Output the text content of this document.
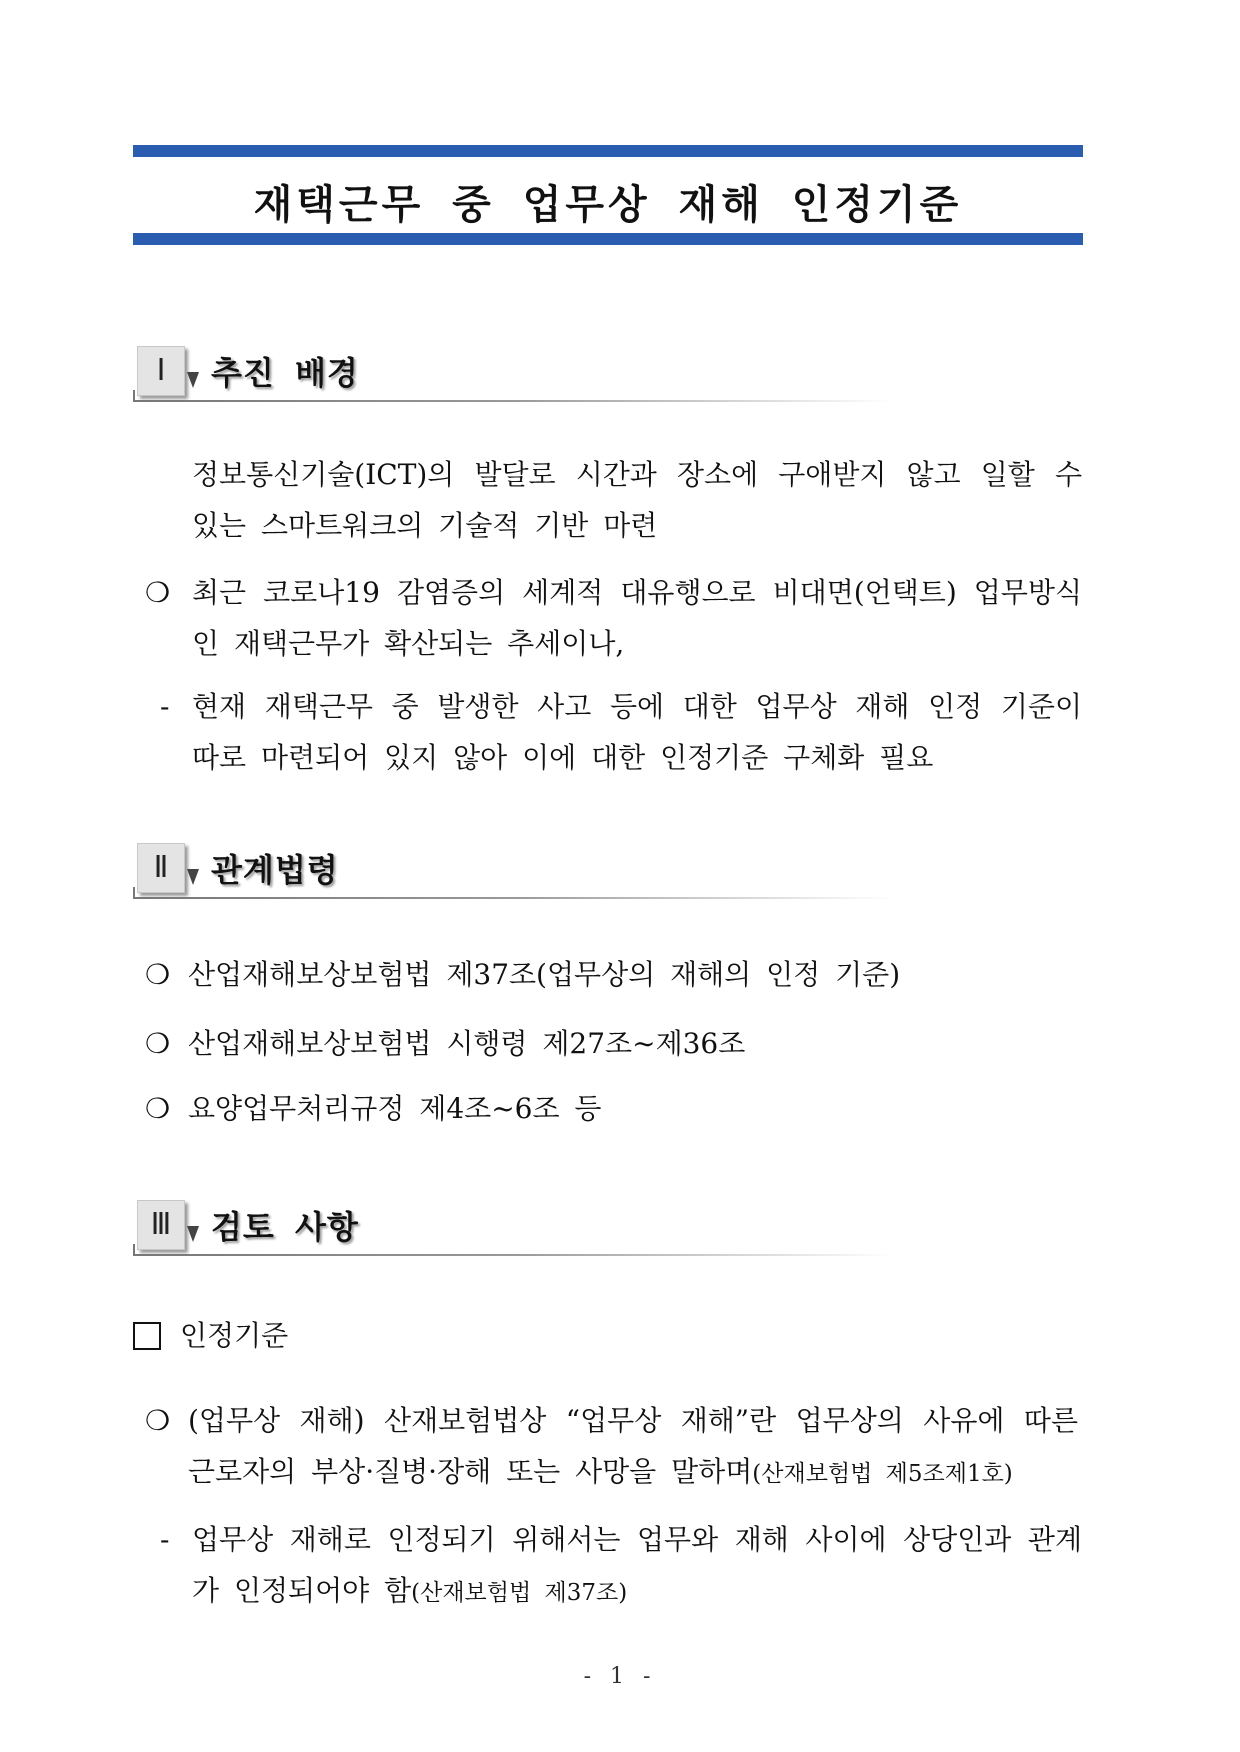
재택근무 중 업무상 재해 인정기준
Ⅰ	추진 배경
정보통신기술(ICT)의 발달로 시간과 장소에 구애받지 않고 일할 수 있는 스마트워크의 기술적 기반 마련
❍ 최근 코로나19 감염증의 세계적 대유행으로 비대면(언택트) 업무방식인 재택근무가 확산되는 추세이나,
- 현재 재택근무 중 발생한 사고 등에 대한 업무상 재해 인정 기준이 따로 마련되어 있지 않아 이에 대한 인정기준 구체화 필요
Ⅱ	관계법령
❍ 산업재해보상보험법 제37조(업무상의 재해의 인정 기준)
❍ 산업재해보상보험법 시행령 제27조∼제36조
❍ 요양업무처리규정 제4조~6조 등
Ⅲ	검토 사항
인정기준
❍ (업무상 재해) 산재보험법상 “업무상 재해”란 업무상의 사유에 따른 근로자의 부상·질병·장해 또는 사망을 말하며(산재보험법 제5조제1호)
- 업무상 재해로 인정되기 위해서는 업무와 재해 사이에 상당인과 관계가 인정되어야 함(산재보험법 제37조)
- 1 -
